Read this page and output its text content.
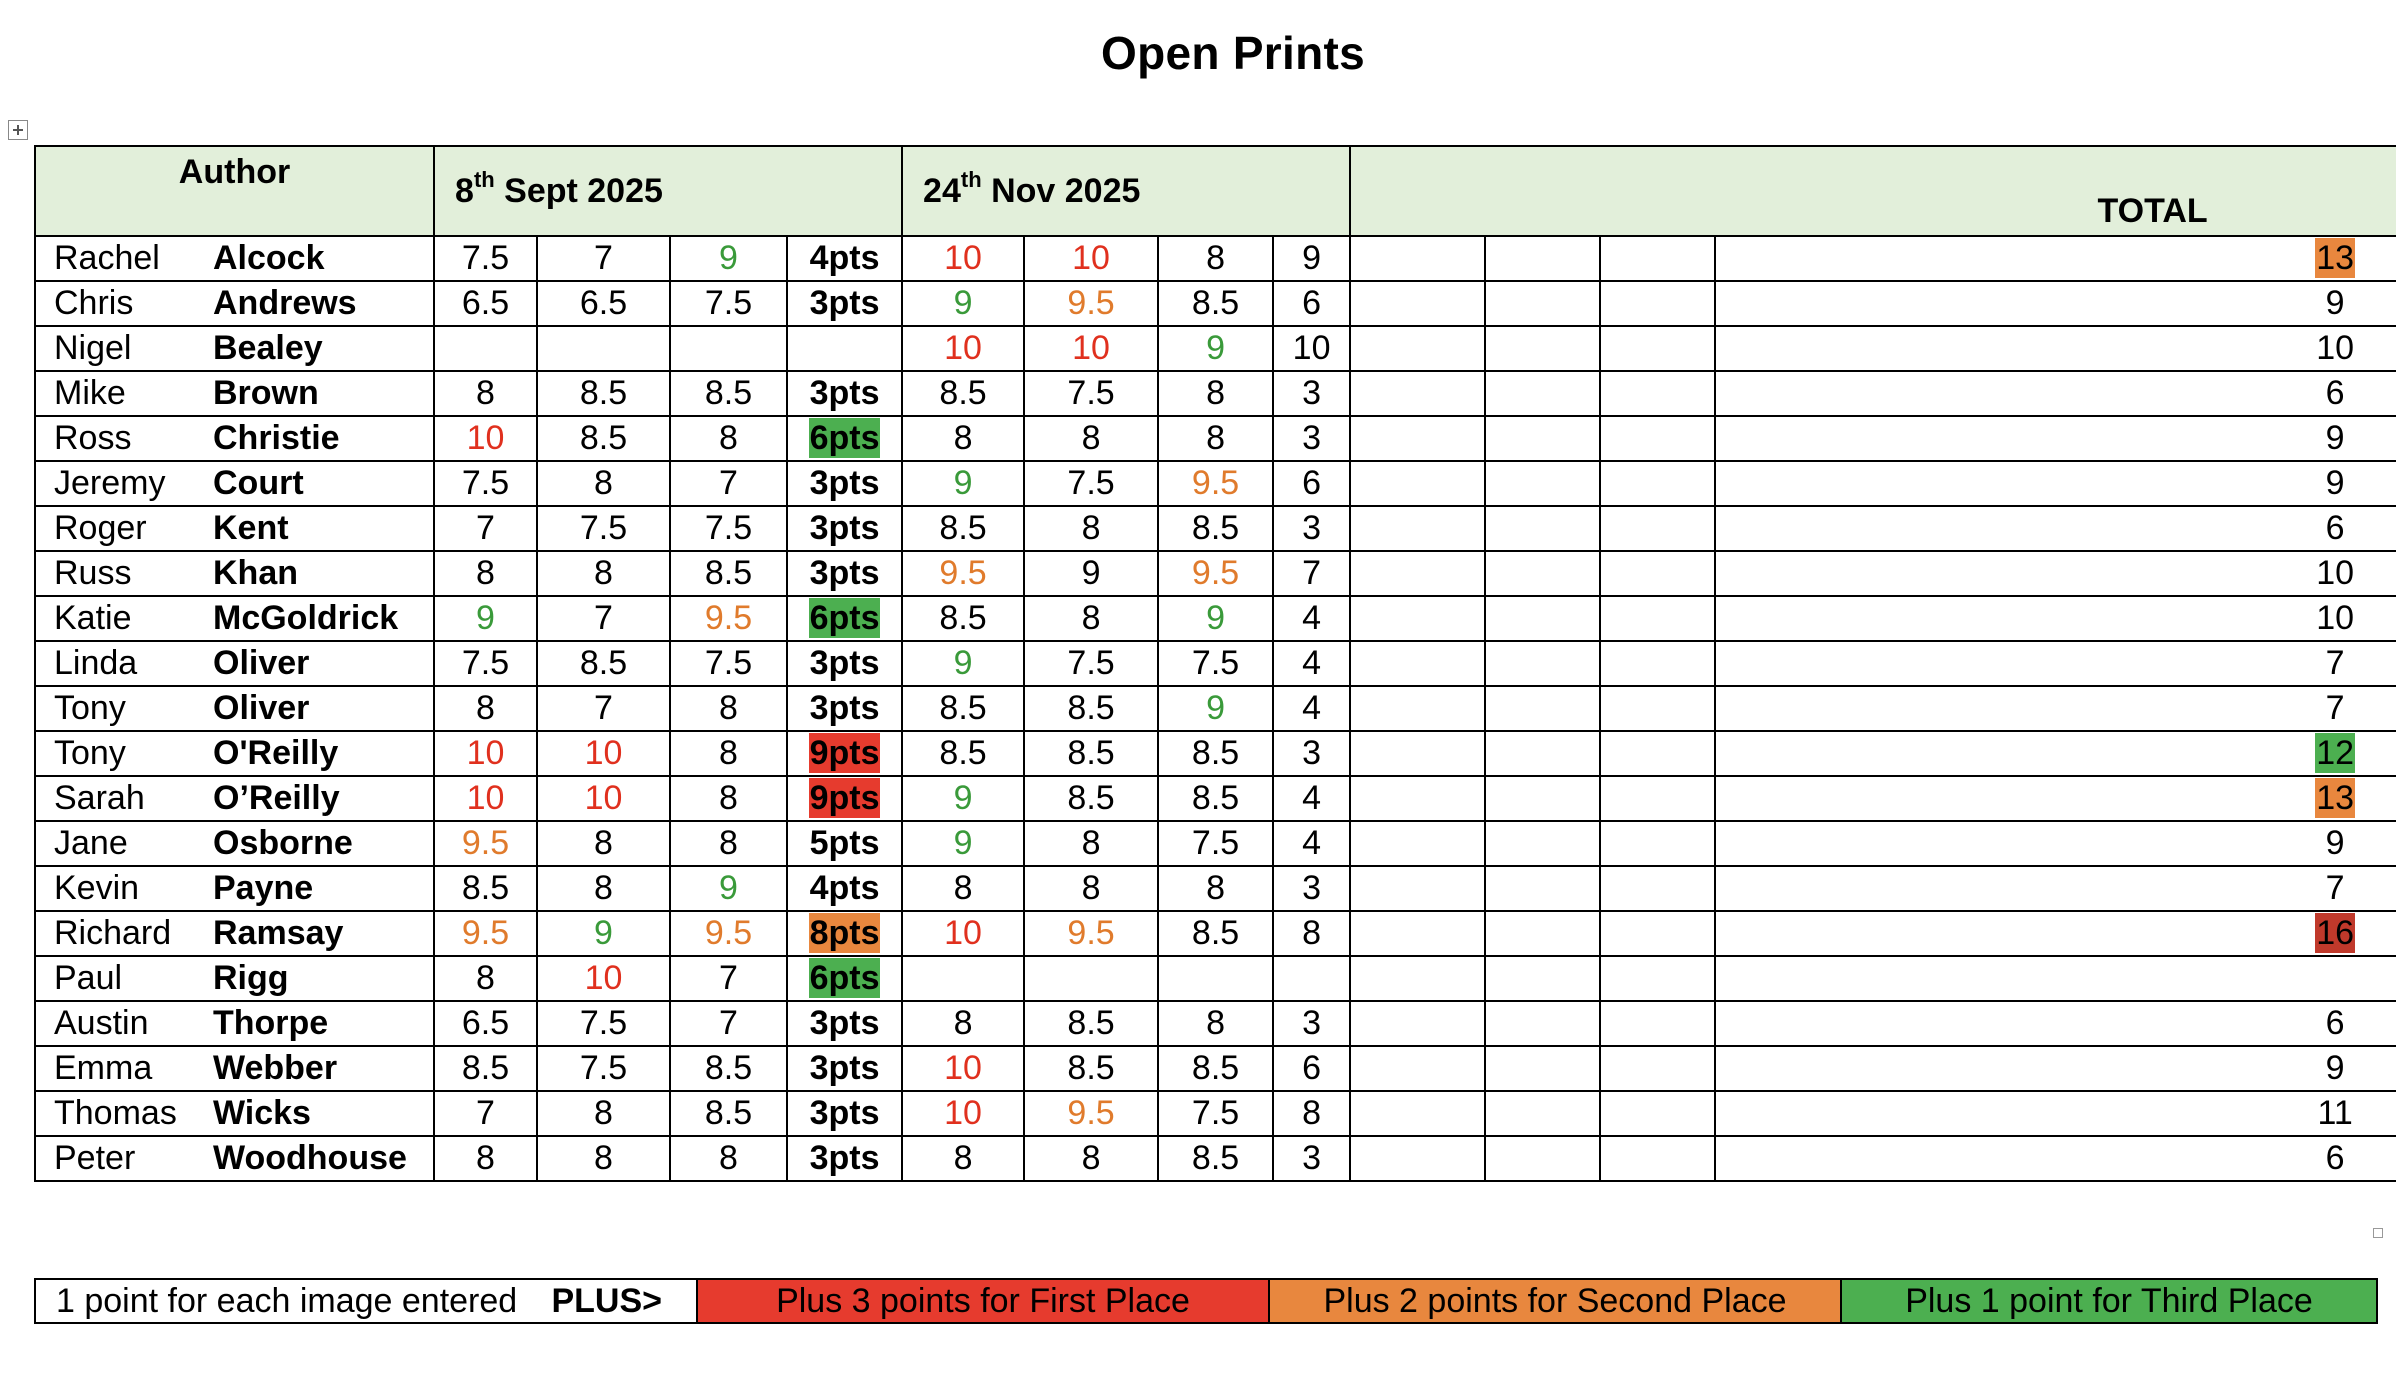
Open Prints
Author		8th Sept 2025				24th Nov 2025				TOTAL			
Rachel	Alcock	7.5	7	9	4pts	10	10	8	9				13
Chris	Andrews	6.5	6.5	7.5	3pts	9	9.5	8.5	6				9
Nigel	Bealey					10	10	9	10				10
Mike	Brown	8	8.5	8.5	3pts	8.5	7.5	8	3				6
Ross	Christie	10	8.5	8	6pts	8	8	8	3				9
Jeremy	Court	7.5	8	7	3pts	9	7.5	9.5	6				9
Roger	Kent	7	7.5	7.5	3pts	8.5	8	8.5	3				6
Russ	Khan	8	8	8.5	3pts	9.5	9	9.5	7				10
Katie	McGoldrick	9	7	9.5	6pts	8.5	8	9	4				10
Linda	Oliver	7.5	8.5	7.5	3pts	9	7.5	7.5	4				7
Tony	Oliver	8	7	8	3pts	8.5	8.5	9	4				7
Tony	O'Reilly	10	10	8	9pts	8.5	8.5	8.5	3				12
Sarah	O’Reilly	10	10	8	9pts	9	8.5	8.5	4				13
Jane	Osborne	9.5	8	8	5pts	9	8	7.5	4				9
Kevin	Payne	8.5	8	9	4pts	8	8	8	3				7
Richard	Ramsay	9.5	9	9.5	8pts	10	9.5	8.5	8				16
Paul	Rigg	8	10	7	6pts								
Austin	Thorpe	6.5	7.5	7	3pts	8	8.5	8	3				6
Emma	Webber	8.5	7.5	8.5	3pts	10	8.5	8.5	6				9
Thomas	Wicks	7	8	8.5	3pts	10	9.5	7.5	8				11
Peter	Woodhouse	8	8	8	3pts	8	8	8.5	3				6
1 point for each image entered PLUS>	Plus 3 points for First Place	Plus 2 points for Second Place	Plus 1 point for Third Place
